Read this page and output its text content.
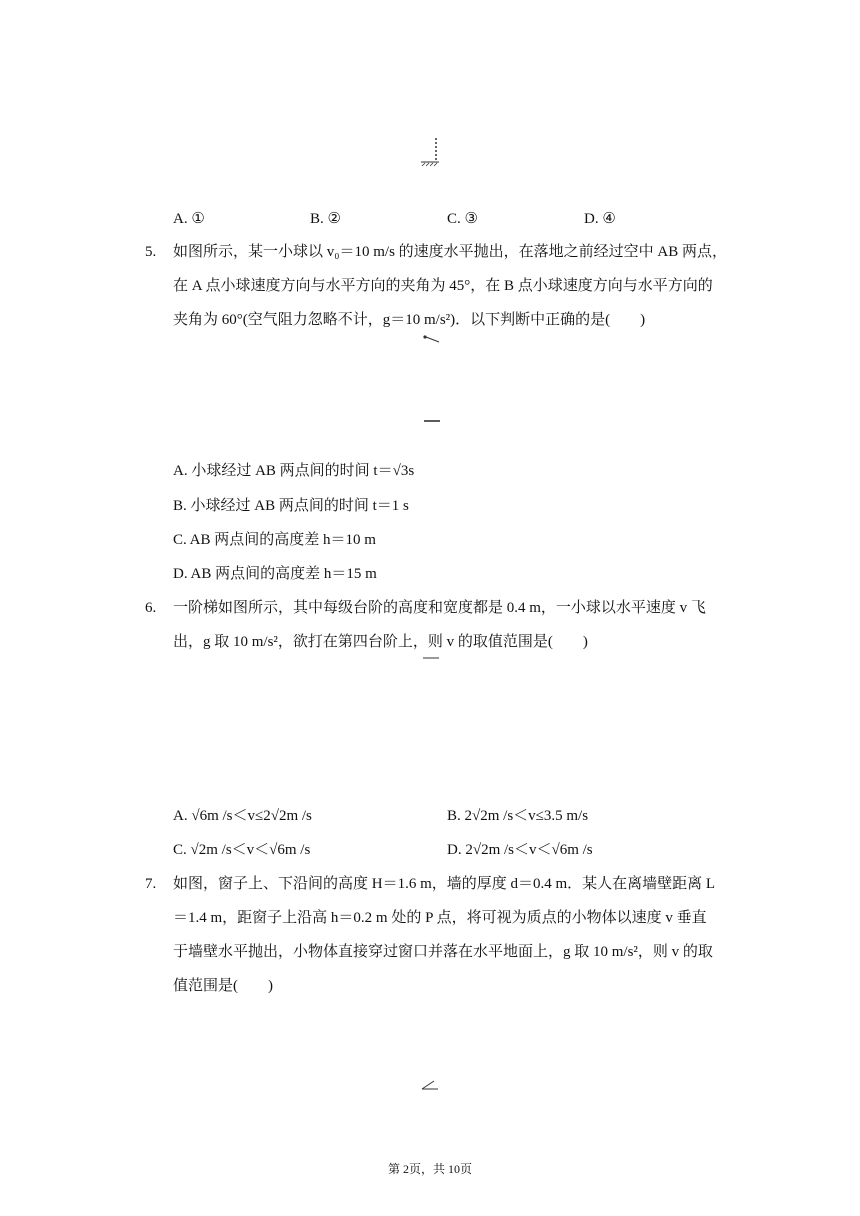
A. ①	B. ②	C. ③	D. ④
5. 如图所示，某一小球以 v₀＝10 m/s 的速度水平抛出，在落地之前经过空中 AB 两点，
在 A 点小球速度方向与水平方向的夹角为 45°，在 B 点小球速度方向与水平方向的
夹角为 60°(空气阻力忽略不计，g＝10 m/s²)．以下判断中正确的是(　　)
A. 小球经过 AB 两点间的时间 t＝√3s
B. 小球经过 AB 两点间的时间 t＝1 s
C. AB 两点间的高度差 h＝10 m
D. AB 两点间的高度差 h＝15 m
6. 一阶梯如图所示，其中每级台阶的高度和宽度都是 0.4 m，一小球以水平速度 v 飞
出，g 取 10 m/s²，欲打在第四台阶上，则 v 的取值范围是(　　)
A. √6m /s＜v≤2√2m /s	B. 2√2m /s＜v≤3.5 m/s
C. √2m /s＜v＜√6m /s	D. 2√2m /s＜v＜√6m /s
7. 如图，窗子上、下沿间的高度 H＝1.6 m，墙的厚度 d＝0.4 m．某人在离墙壁距离 L
＝1.4 m，距窗子上沿高 h＝0.2 m 处的 P 点，将可视为质点的小物体以速度 v 垂直
于墙壁水平抛出，小物体直接穿过窗口并落在水平地面上，g 取 10 m/s²，则 v 的取
值范围是(　　)
第 2页，共 10页
